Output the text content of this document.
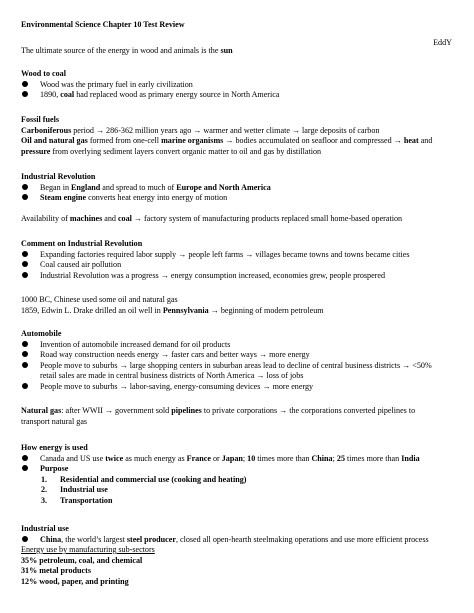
Environmental Science Chapter 10 Test Review
EddY
The ultimate source of the energy in wood and animals is the sun
Wood to coal
Wood was the primary fuel in early civilization
1890, coal had replaced wood as primary energy source in North America
Fossil fuels
Carboniferous period → 286-362 million years ago → warmer and wetter climate → large deposits of carbon
Oil and natural gas formed from one-cell marine organisms → bodies accumulated on seafloor and compressed → heat and
pressure from overlying sediment layers convert organic matter to oil and gas by distillation
Industrial Revolution
Began in England and spread to much of Europe and North America
Steam engine converts heat energy into energy of motion
Availability of machines and coal → factory system of manufacturing products replaced small home-based operation
Comment on Industrial Revolution
Expanding factories required labor supply → people left farms → villages became towns and towns became cities
Coal caused air pollution
Industrial Revolution was a progress → energy consumption increased, economies grew, people prospered
1000 BC, Chinese used some oil and natural gas
1859, Edwin L. Drake drilled an oil well in Pennsylvania → beginning of modern petroleum
Automobile
Invention of automobile increased demand for oil products
Road way construction needs energy → faster cars and better ways → more energy
People move to suburbs → large shopping centers in suburban areas lead to decline of central business districts → <50%
retail sales are made in central business districts of North America → loss of jobs
People move to suburbs → labor-saving, energy-consuming devices → more energy
Natural gas: after WWII → government sold pipelines to private corporations → the corporations converted pipelines to
transport natural gas
How energy is used
Canada and US use twice as much energy as France or Japan; 10 times more than China; 25 times more than India
Purpose
1. Residential and commercial use (cooking and heating)
2. Industrial use
3. Transportation
Industrial use
China, the world’s largest steel producer, closed all open-hearth steelmaking operations and use more efficient process
Energy use by manufacturing sub-sectors
35% petroleum, coal, and chemical
31% metal products
12% wood, paper, and printing
